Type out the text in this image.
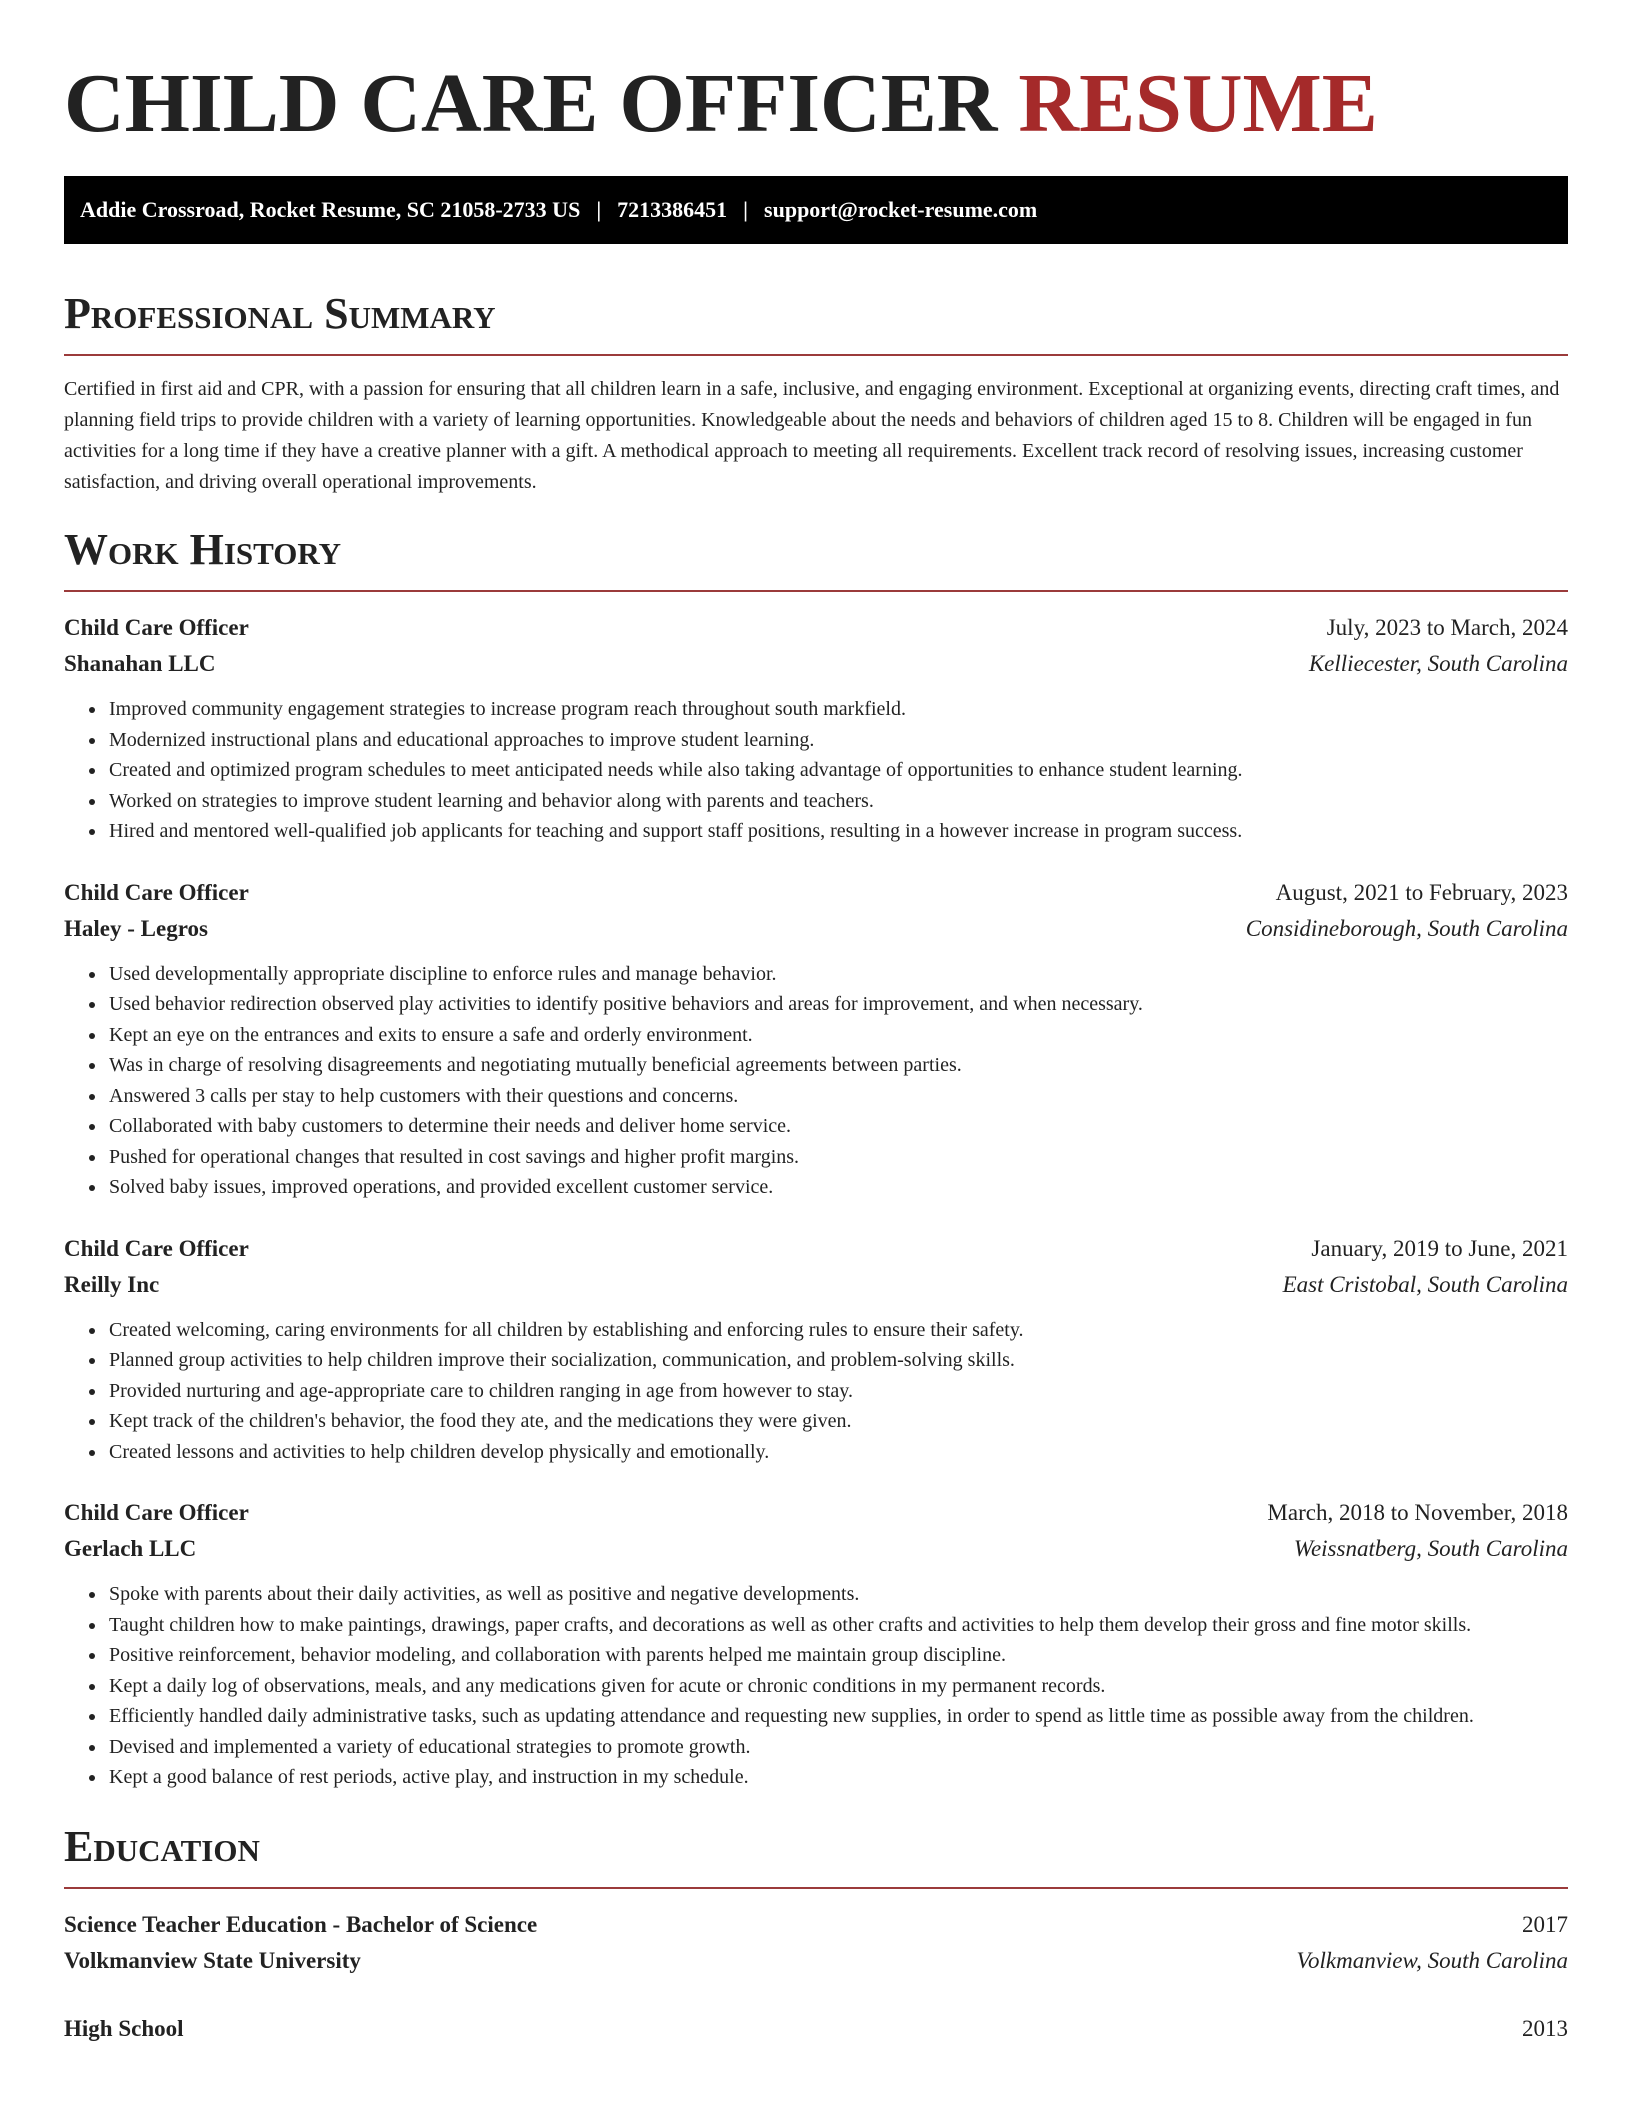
CHILD CARE OFFICER RESUME
Addie Crossroad, Rocket Resume, SC 21058-2733 US | 7213386451 | support@rocket-resume.com
Professional Summary

Certified in first aid and CPR, with a passion for ensuring that all children learn in a safe, inclusive, and engaging environment. Exceptional at organizing events, directing craft times, and planning field trips to provide children with a variety of learning opportunities. Knowledgeable about the needs and behaviors of children aged 15 to 8. Children will be engaged in fun activities for a long time if they have a creative planner with a gift. A methodical approach to meeting all requirements. Excellent track record of resolving issues, increasing customer satisfaction, and driving overall operational improvements.

Work History
Child Care Officer	July, 2023 to March, 2024
Shanahan LLC	Kelliecester, South Carolina
• Improved community engagement strategies to increase program reach throughout south markfield.
• Modernized instructional plans and educational approaches to improve student learning.
• Created and optimized program schedules to meet anticipated needs while also taking advantage of opportunities to enhance student learning.
• Worked on strategies to improve student learning and behavior along with parents and teachers.
• Hired and mentored well-qualified job applicants for teaching and support staff positions, resulting in a however increase in program success.
Child Care Officer	August, 2021 to February, 2023
Haley - Legros	Considineborough, South Carolina
• Used developmentally appropriate discipline to enforce rules and manage behavior.
• Used behavior redirection observed play activities to identify positive behaviors and areas for improvement, and when necessary.
• Kept an eye on the entrances and exits to ensure a safe and orderly environment.
• Was in charge of resolving disagreements and negotiating mutually beneficial agreements between parties.
• Answered 3 calls per stay to help customers with their questions and concerns.
• Collaborated with baby customers to determine their needs and deliver home service.
• Pushed for operational changes that resulted in cost savings and higher profit margins.
• Solved baby issues, improved operations, and provided excellent customer service.
Child Care Officer	January, 2019 to June, 2021
Reilly Inc	East Cristobal, South Carolina
• Created welcoming, caring environments for all children by establishing and enforcing rules to ensure their safety.
• Planned group activities to help children improve their socialization, communication, and problem-solving skills.
• Provided nurturing and age-appropriate care to children ranging in age from however to stay.
• Kept track of the children's behavior, the food they ate, and the medications they were given.
• Created lessons and activities to help children develop physically and emotionally.
Child Care Officer	March, 2018 to November, 2018
Gerlach LLC	Weissnatberg, South Carolina
• Spoke with parents about their daily activities, as well as positive and negative developments.
• Taught children how to make paintings, drawings, paper crafts, and decorations as well as other crafts and activities to help them develop their gross and fine motor skills.
• Positive reinforcement, behavior modeling, and collaboration with parents helped me maintain group discipline.
• Kept a daily log of observations, meals, and any medications given for acute or chronic conditions in my permanent records.
• Efficiently handled daily administrative tasks, such as updating attendance and requesting new supplies, in order to spend as little time as possible away from the children.
• Devised and implemented a variety of educational strategies to promote growth.
• Kept a good balance of rest periods, active play, and instruction in my schedule.
Education
Science Teacher Education - Bachelor of Science	2017
Volkmanview State University	Volkmanview, South Carolina
High School	2013
